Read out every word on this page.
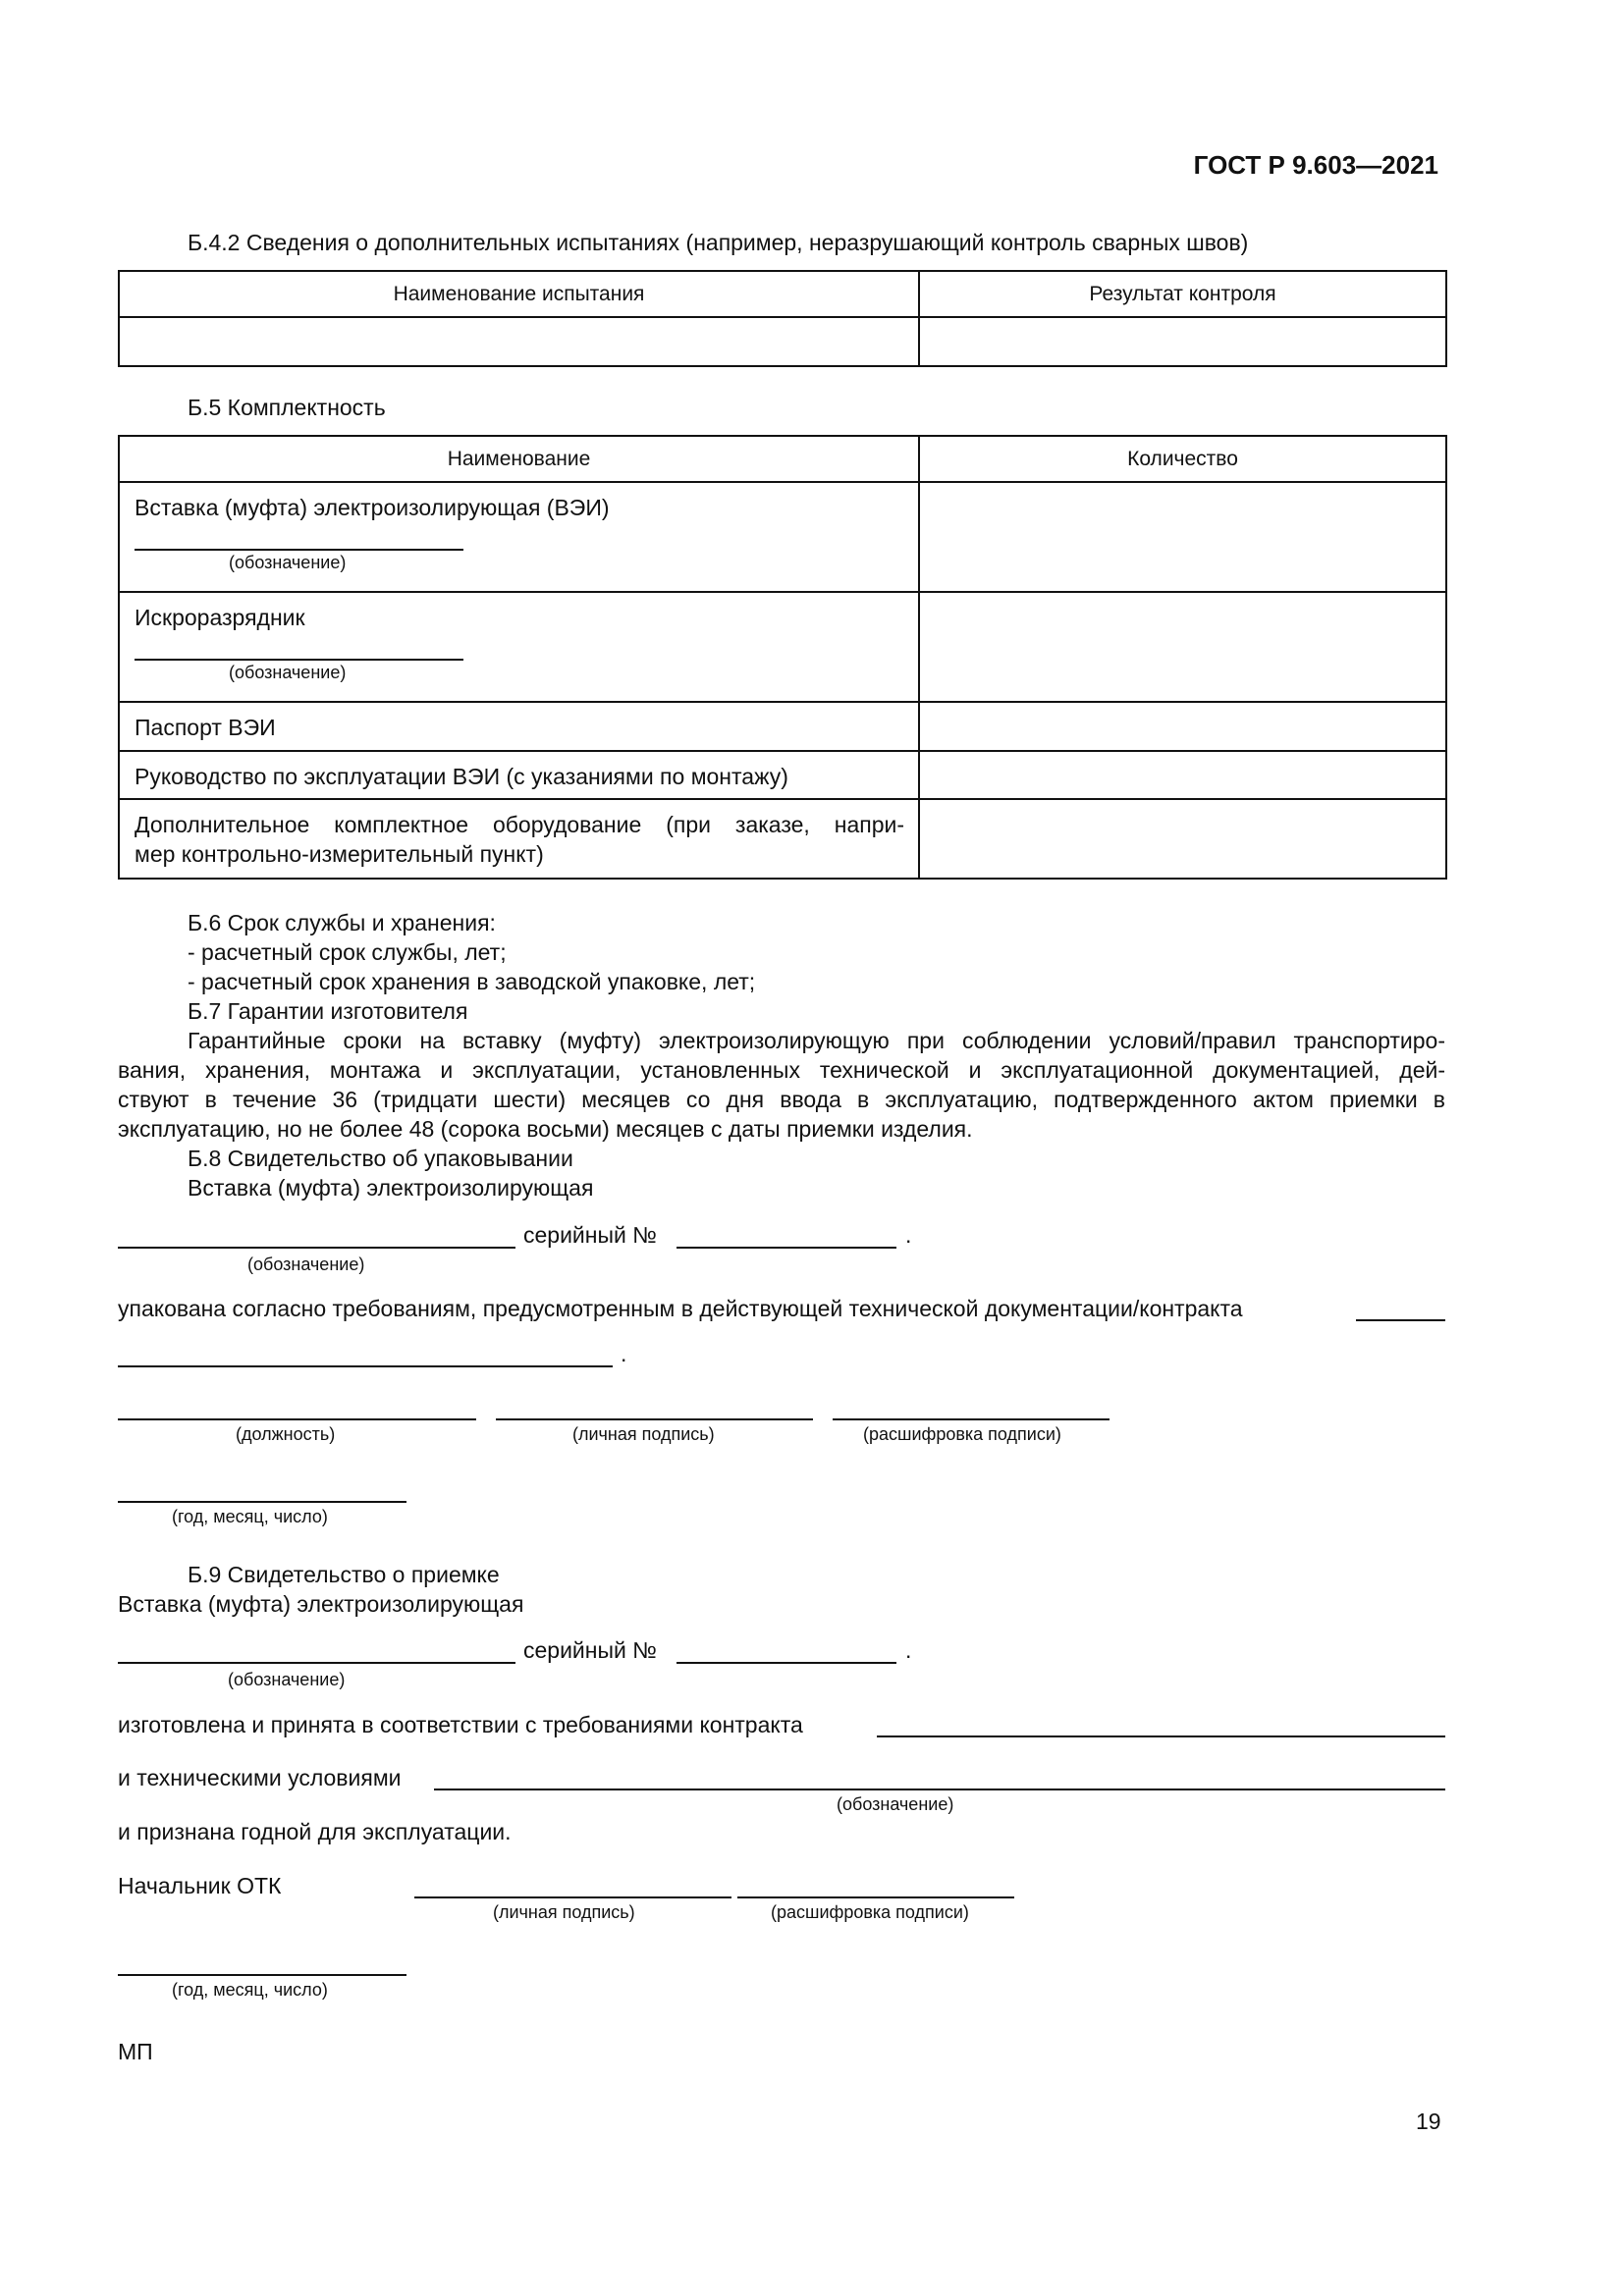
ГОСТ Р 9.603—2021
Б.4.2 Сведения о дополнительных испытаниях (например, неразрушающий контроль сварных швов)
Наименование испытания	Результат контроля

Б.5 Комплектность
Наименование	Количество

Вставка (муфта) электроизолирующая (ВЭИ)
(обозначение)	

Искроразрядник
(обозначение)	

Паспорт ВЭИ	

Руководство по эксплуатации ВЭИ (с указаниями по монтажу)	

Дополнительное комплектное оборудование (при заказе, напри-
мер контрольно-измерительный пункт)	

Б.6 Срок службы и хранения:
- расчетный срок службы, лет;
- расчетный срок хранения в заводской упаковке, лет;
Б.7 Гарантии изготовителя
Гарантийные сроки на вставку (муфту) электроизолирующую при соблюдении условий/правил транспортиро-
вания, хранения, монтажа и эксплуатации, установленных технической и эксплуатационной документацией, дей-
ствуют в течение 36 (тридцати шести) месяцев со дня ввода в эксплуатацию, подтвержденного актом приемки в
эксплуатацию, но не более 48 (сорока восьми) месяцев с даты приемки изделия.
Б.8 Свидетельство об упаковывании
Вставка (муфта) электроизолирующая
серийный №	.
(обозначение)
упакована согласно требованиям, предусмотренным в действующей технической документации/контракта
.
(должность)	(личная подпись)	(расшифровка подписи)
(год, месяц, число)
Б.9 Свидетельство о приемке
Вставка (муфта) электроизолирующая
серийный №	.
(обозначение)
изготовлена и принята в соответствии с требованиями контракта
и техническими условиями
(обозначение)
и признана годной для эксплуатации.
Начальник ОТК
(личная подпись)	(расшифровка подписи)
(год, месяц, число)
МП
19
